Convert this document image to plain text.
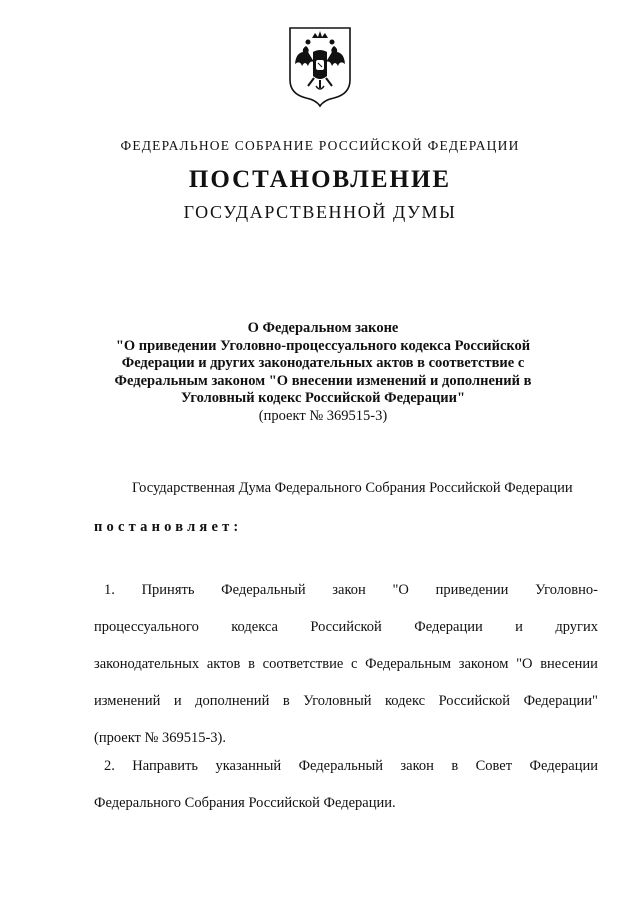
ФЕДЕРАЛЬНОЕ СОБРАНИЕ РОССИЙСКОЙ ФЕДЕРАЦИИ
ПОСТАНОВЛЕНИЕ
ГОСУДАРСТВЕННОЙ ДУМЫ
О Федеральном законе
"О приведении Уголовно-процессуального кодекса Российской
Федерации и других законодательных актов в соответствие с
Федеральным законом "О внесении изменений и дополнений в
Уголовный кодекс Российской Федерации"
(проект № 369515-3)
Государственная Дума Федерального Собрания Российской Федерации
постановляет:
1. Принять Федеральный закон "О приведении Уголовно-
процессуального кодекса Российской Федерации и других
законодательных актов в соответствие с Федеральным законом "О внесении
изменений и дополнений в Уголовный кодекс Российской Федерации"
(проект № 369515-3).
2. Направить указанный Федеральный закон в Совет Федерации
Федерального Собрания Российской Федерации.
